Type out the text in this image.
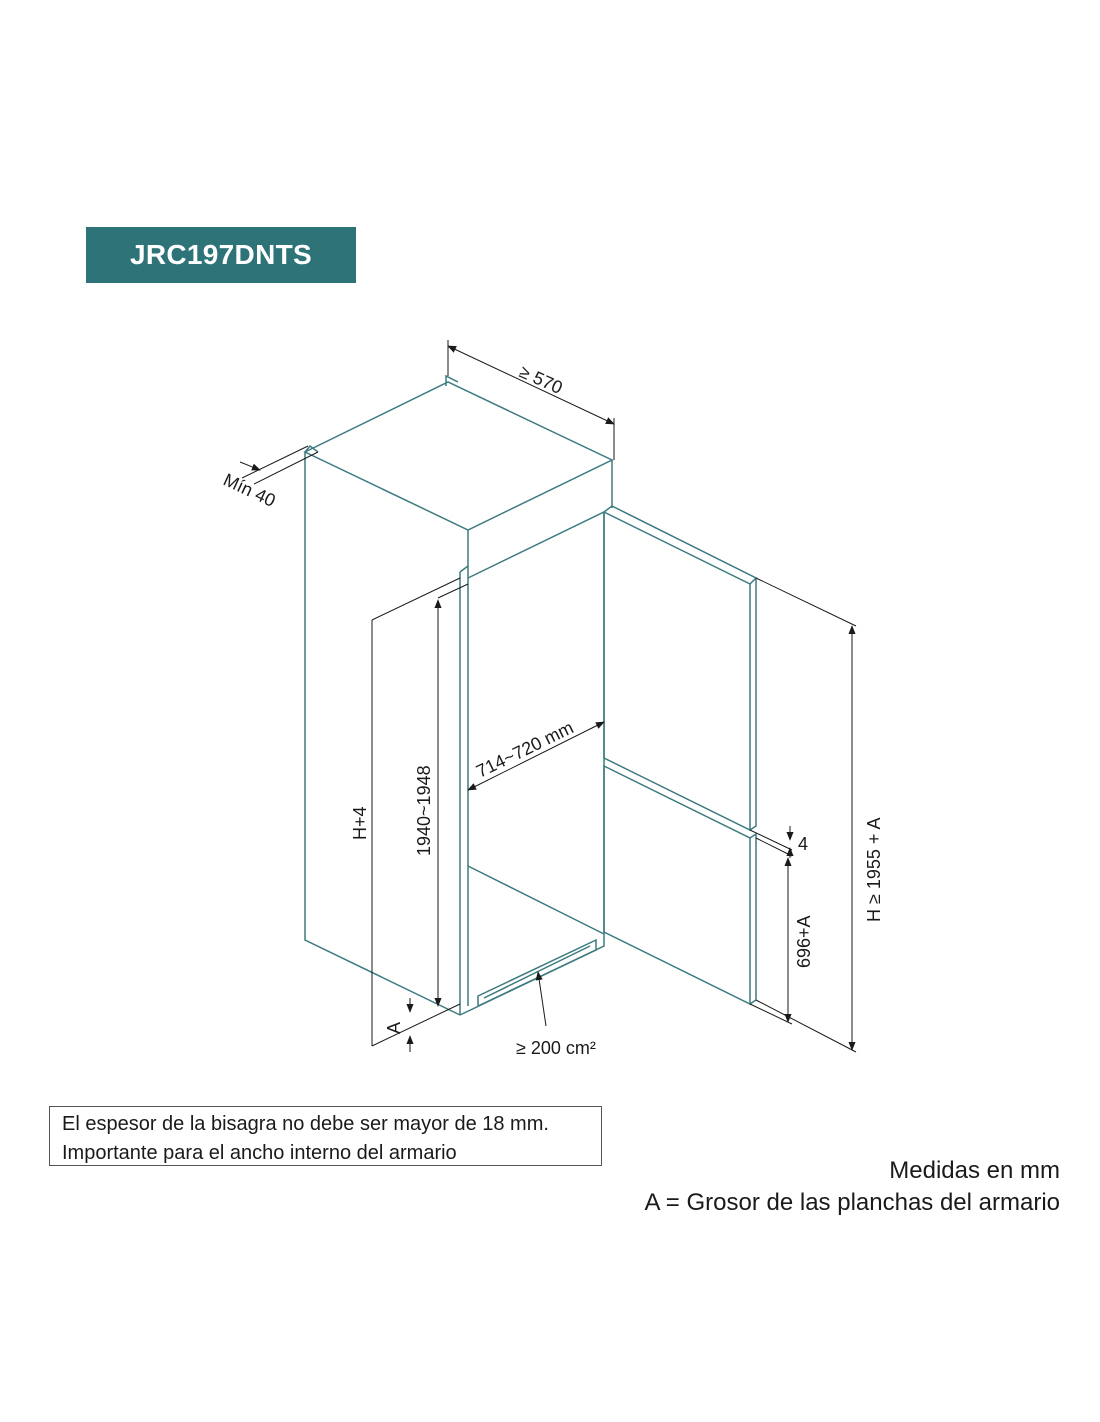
JRC197DNTS
≥ 570
Mín 40
714~720 mm
1940~1948
H+4
A
≥ 200 cm²
4
696+A
H ≥ 1955 + A
El espesor de la bisagra no debe ser mayor de 18 mm.
Importante para el ancho interno del armario
Medidas en mm
A = Grosor de las planchas del armario
